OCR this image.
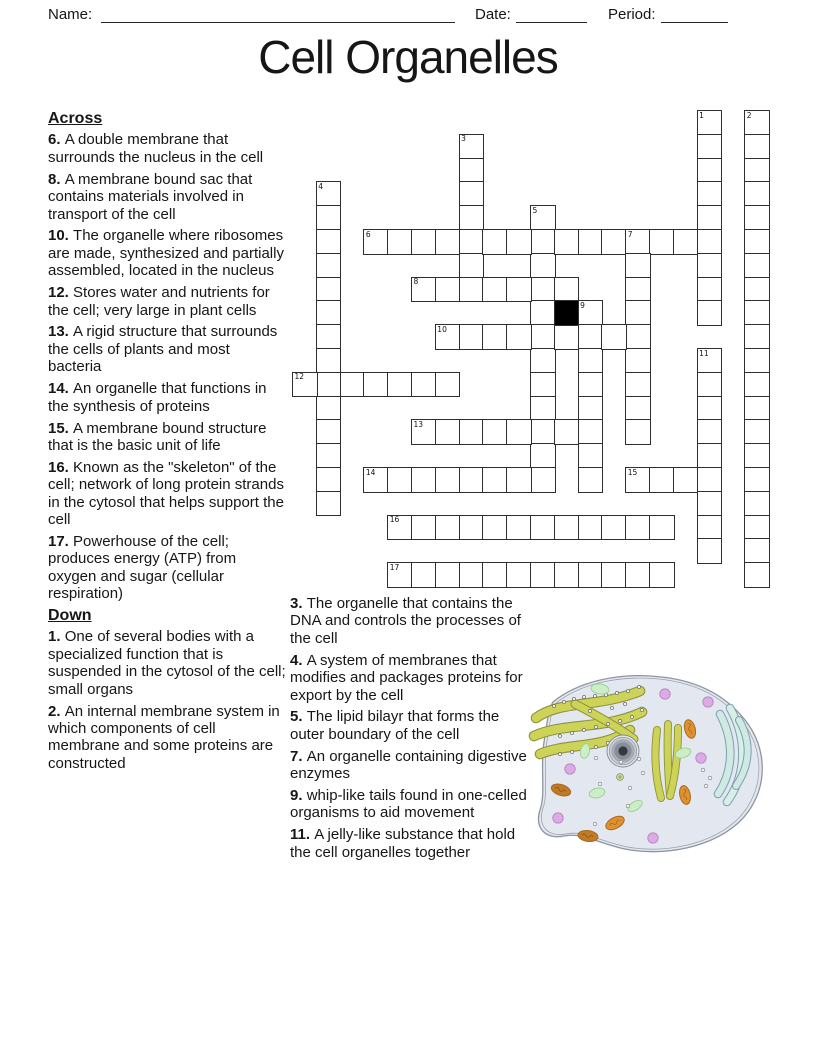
Name:	Date:	Period:
Cell Organelles
Across
6. A double membrane that surrounds the nucleus in the cell
8. A membrane bound sac that contains materials involved in transport of the cell
10. The organelle where ribosomes are made, synthesized and partially assembled, located in the nucleus
12. Stores water and nutrients for the cell; very large in plant cells
13. A rigid structure that surrounds the cells of plants and most bacteria
14. An organelle that functions in the synthesis of proteins
15. A membrane bound structure that is the basic unit of life
16. Known as the "skeleton" of the cell; network of long protein strands in the cytosol that helps support the cell
17. Powerhouse of the cell; produces energy (ATP) from oxygen and sugar (cellular respiration)
Down
1. One of several bodies with a specialized function that is suspended in the cytosol of the cell; small organs
2. An internal membrane system in which components of cell membrane and some proteins are constructed
3. The organelle that contains the DNA and controls the processes of the cell
4. A system of membranes that modifies and packages proteins for export by the cell
5. The lipid bilayr that forms the outer boundary of the cell
7. An organelle containing digestive enzymes
9. whip-like tails found in one-celled organisms to aid movement
11. A jelly-like substance that hold the cell organelles together
1	2
3
4
5
6	7
8
9
10
11
12
13
14	15
16
17
